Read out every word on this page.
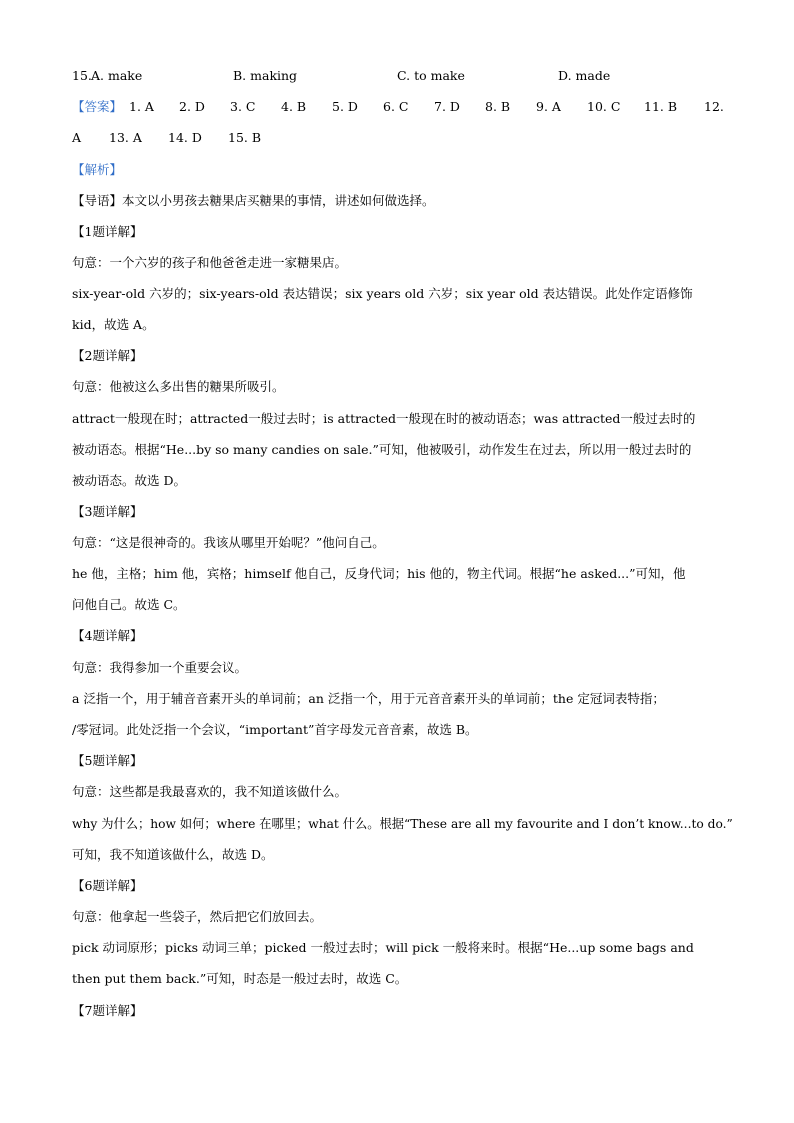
15. A. make	B. making	C. to make	D. made
【答案】 1. A 2. D 3. C 4. B 5. D 6. C 7. D 8. B 9. A 10. C 11. B 12.
A 13. A 14. D 15. B
【解析】
【导语】本文以小男孩去糖果店买糖果的事情，讲述如何做选择。
【1题详解】
句意：一个六岁的孩子和他爸爸走进一家糖果店。
six-year-old 六岁的；six-years-old 表达错误；six years old 六岁；six year old 表达错误。此处作定语修饰
kid，故选 A。
【2题详解】
句意：他被这么多出售的糖果所吸引。
attract一般现在时；attracted一般过去时；is attracted一般现在时的被动语态；was attracted一般过去时的
被动语态。根据“He...by so many candies on sale.”可知，他被吸引，动作发生在过去，所以用一般过去时的
被动语态。故选 D。
【3题详解】
句意：“这是很神奇的。我该从哪里开始呢？”他问自己。
he 他，主格；him 他，宾格；himself 他自己，反身代词；his 他的，物主代词。根据“he asked...”可知，他
问他自己。故选 C。
【4题详解】
句意：我得参加一个重要会议。
a 泛指一个，用于辅音音素开头的单词前；an 泛指一个，用于元音音素开头的单词前；the 定冠词表特指；
/零冠词。此处泛指一个会议，“important”首字母发元音音素，故选 B。
【5题详解】
句意：这些都是我最喜欢的，我不知道该做什么。
why 为什么；how 如何；where 在哪里；what 什么。根据“These are all my favourite and I don’t know...to do.”
可知，我不知道该做什么，故选 D。
【6题详解】
句意：他拿起一些袋子，然后把它们放回去。
pick 动词原形；picks 动词三单；picked 一般过去时；will pick 一般将来时。根据“He...up some bags and
then put them back.”可知，时态是一般过去时，故选 C。
【7题详解】
